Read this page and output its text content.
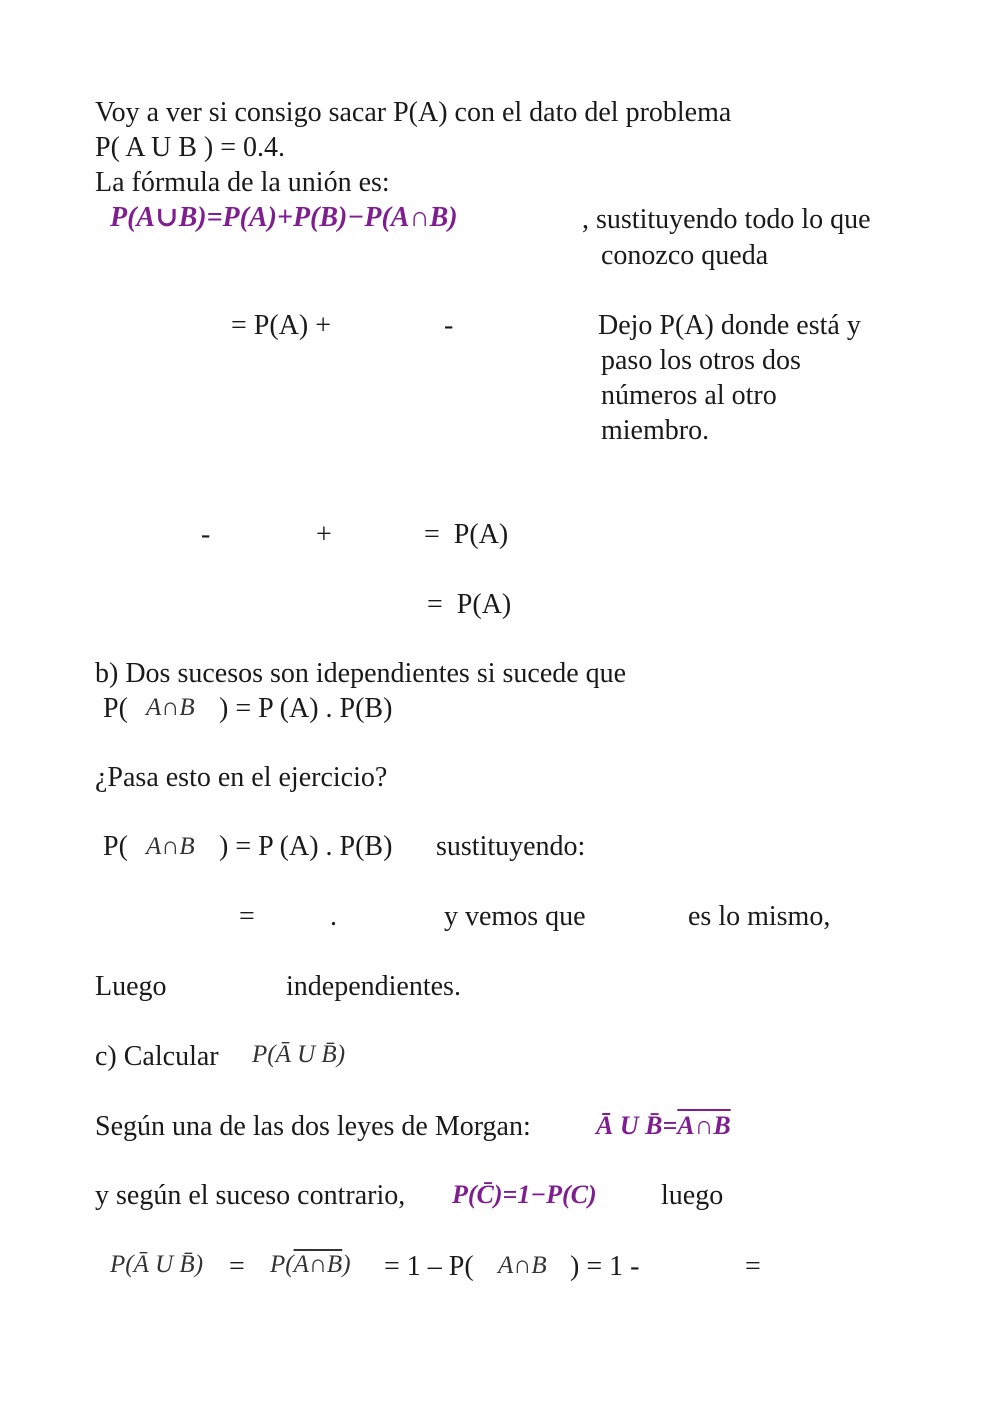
Voy a ver si consigo sacar P(A) con el dato del problema
P( A U B ) = 0.4.
La fórmula de la unión es:
P(A∪B)=P(A)+P(B)−P(A∩B)	, sustituyendo todo lo que
conozco queda
= P(A) +	-	Dejo P(A) donde está y
paso los otros dos
números al otro
miembro.
-	+	=  P(A)
=  P(A)
b) Dos sucesos son idependientes si sucede que
P( A∩B ) = P (A) . P(B)
¿Pasa esto en el ejercicio?
P( A∩B ) = P (A) . P(B) sustituyendo:
=	.	y vemos que	es lo mismo,
Luego	independientes.
c) Calcular P(Ā U B̄)
Según una de las dos leyes de Morgan:	Ā U B̄=A∩B
y según el suceso contrario, P(C̄)=1−P(C) luego
P(Ā U B̄) = P(A∩B) = 1 – P( A∩B ) = 1 -	=
